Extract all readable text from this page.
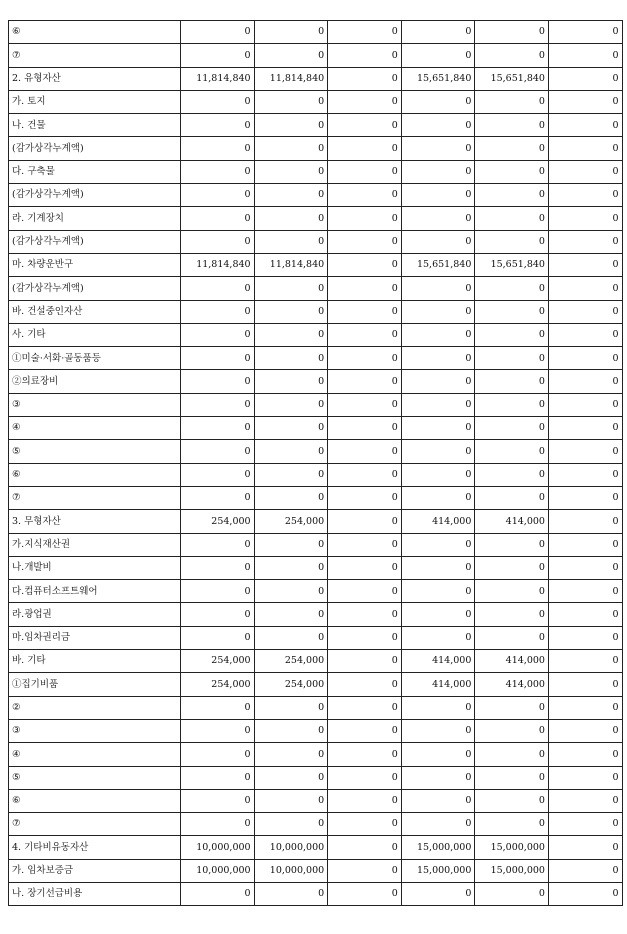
⑥	0	0	0	0	0	0
⑦	0	0	0	0	0	0
2. 유형자산	11,814,840	11,814,840	0	15,651,840	15,651,840	0
가. 토지	0	0	0	0	0	0
나. 건물	0	0	0	0	0	0
(감가상각누계액)	0	0	0	0	0	0
다. 구축물	0	0	0	0	0	0
(감가상각누계액)	0	0	0	0	0	0
라. 기계장치	0	0	0	0	0	0
(감가상각누계액)	0	0	0	0	0	0
마. 차량운반구	11,814,840	11,814,840	0	15,651,840	15,651,840	0
(감가상각누계액)	0	0	0	0	0	0
바. 건설중인자산	0	0	0	0	0	0
사. 기타	0	0	0	0	0	0
①미술·서화·골동품등	0	0	0	0	0	0
②의료장비	0	0	0	0	0	0
③	0	0	0	0	0	0
④	0	0	0	0	0	0
⑤	0	0	0	0	0	0
⑥	0	0	0	0	0	0
⑦	0	0	0	0	0	0
3. 무형자산	254,000	254,000	0	414,000	414,000	0
가.지식재산권	0	0	0	0	0	0
나.개발비	0	0	0	0	0	0
다.컴퓨터소프트웨어	0	0	0	0	0	0
라.광업권	0	0	0	0	0	0
마.임차권리금	0	0	0	0	0	0
바. 기타	254,000	254,000	0	414,000	414,000	0
①집기비품	254,000	254,000	0	414,000	414,000	0
②	0	0	0	0	0	0
③	0	0	0	0	0	0
④	0	0	0	0	0	0
⑤	0	0	0	0	0	0
⑥	0	0	0	0	0	0
⑦	0	0	0	0	0	0
4. 기타비유동자산	10,000,000	10,000,000	0	15,000,000	15,000,000	0
가. 임차보증금	10,000,000	10,000,000	0	15,000,000	15,000,000	0
나. 장기선급비용	0	0	0	0	0	0
